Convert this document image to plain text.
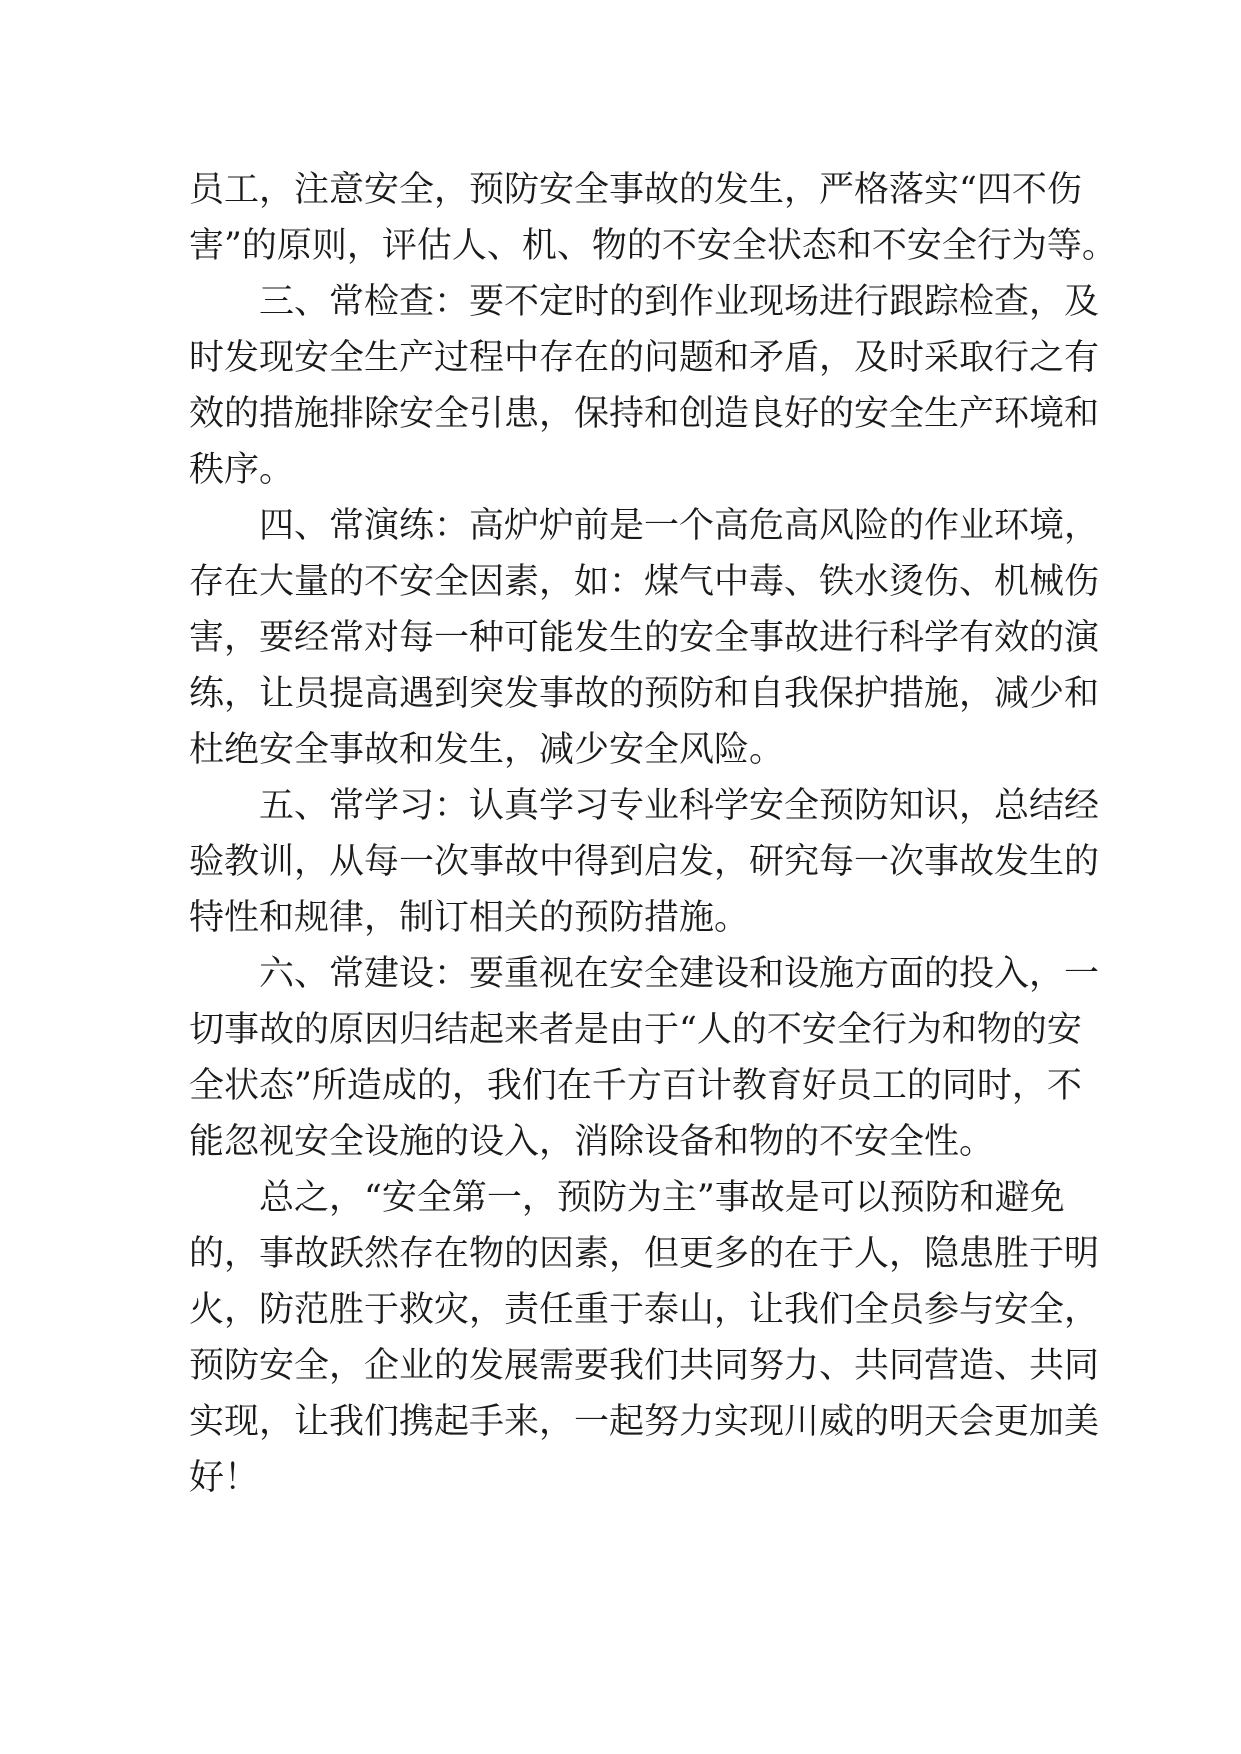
员工，注意安全，预防安全事故的发生，严格落实“四不伤
害”的原则，评估人、机、物的不安全状态和不安全行为等。
三、常检查：要不定时的到作业现场进行跟踪检查，及
时发现安全生产过程中存在的问题和矛盾，及时采取行之有
效的措施排除安全引患，保持和创造良好的安全生产环境和
秩序。
四、常演练：高炉炉前是一个高危高风险的作业环境，
存在大量的不安全因素，如：煤气中毒、铁水烫伤、机械伤
害，要经常对每一种可能发生的安全事故进行科学有效的演
练，让员提高遇到突发事故的预防和自我保护措施，减少和
杜绝安全事故和发生，减少安全风险。
五、常学习：认真学习专业科学安全预防知识，总结经
验教训，从每一次事故中得到启发，研究每一次事故发生的
特性和规律，制订相关的预防措施。
六、常建设：要重视在安全建设和设施方面的投入，一
切事故的原因归结起来者是由于“人的不安全行为和物的安
全状态”所造成的，我们在千方百计教育好员工的同时，不
能忽视安全设施的设入，消除设备和物的不安全性。
总之，“安全第一，预防为主”事故是可以预防和避免
的，事故跃然存在物的因素，但更多的在于人，隐患胜于明
火，防范胜于救灾，责任重于泰山，让我们全员参与安全，
预防安全，企业的发展需要我们共同努力、共同营造、共同
实现，让我们携起手来，一起努力实现川威的明天会更加美
好！
